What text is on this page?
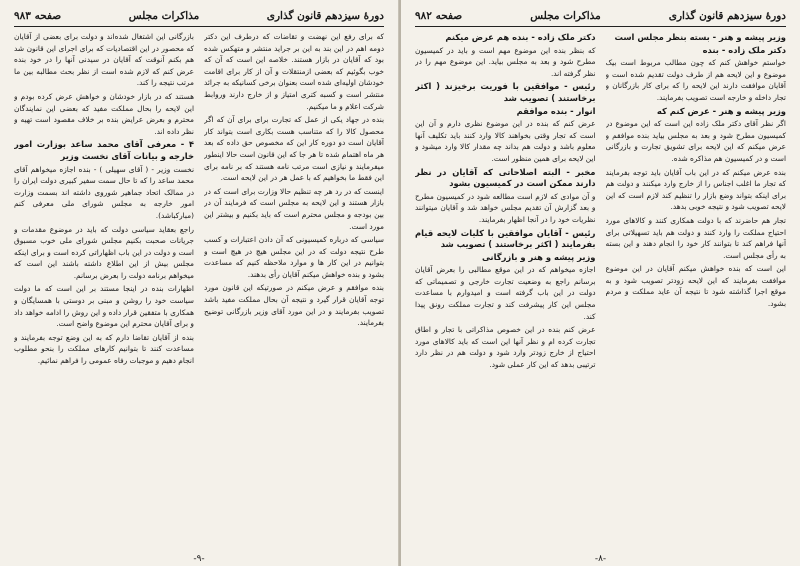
دورهٔ سیزدهم قانون گذاری
مذاکرات مجلس
صفحه ۹۸۳

که برای رفع این نهضت و تقاضات که درطرف این دکتر دومه اهم در این بند به این بر جراید منتشر و متهکس شده بود که آقایان در بازار هستند. خلاصه این است که آن که خوب بگوئیم که بعضی ازمنتقلات و آن از کار برای اقامت خودشان اولیه‌ای شده است بعنوان برخی کسانیکه به جرائد منتشر است و کسبه کتری امتیاز و از خارج دارند وروابط شرکت اعلام و ما میکنیم.

بنده در جهاد یکی از عمل که تجارت برای برای آن که اگر محصول کالا را که متناسب هست بکاری است بتواند کار آقایان است دو دوره کار این که مخصوص حق داده که بعد هر ماه اهتمام شده تا هر جا که این قانون است حالا اینطور میفرمایند و نیازی است مرتب نامه هستند که بر نامه برای این فقط ما بخواهیم که با عمل هر در این لایحه است.

اینست که در رد هر چه تنظیم حالا وزارت برای است که در بازار هستند و این لایحه به مجلس است که فرمایند آن در بین بودجه و مجلس محترم است که باید بکنیم و بیشتر این مورد است.

سیاسی که درباره کمیسیونی که آن دادن اعتبارات و کسب طرح نتیجه دولت که در این مجلس هیچ در هیچ است و بتوانیم در این کار ها و موارد ملاحظه کنیم که مساعدت بشود و بنده خواهش میکنم آقایان رأی بدهند.

بنده موافقم و عرض میکنم در صورتیکه این قانون مورد توجه آقایان قرار گیرد و نتیجه آن بحال مملکت مفید باشد تصویب بفرمایند و در این مورد آقای وزیر بازرگانی توضیح بفرمایند.

بازرگانی این اشتغال شده‌اند و دولت برای بعضی از آقایان که محصور در این اقتصادیات که برای اجرای این قانون شد هم بکنم آنوقت که آقایان در سیدنی آنها را در خود بنده عرض کنم که لازم شده است از نظر بحث مطالبه بین ما مرتب نتیجه را کند.

هستند که در بازار خودشان و خواهش عرض کرده بودم و این لایحه را بحال مملکت مفید که بعضی این نمایندگان محترم و بعرض عرایض بنده بر خلاف مقصود است تهیه و نظر داده اند.

۴ - معرفی آقای محمد ساعد بوزارت امور خارجه و بیانات آقای نخست وزیر

نخست وزیر - ( آقای سهیلی ) - بنده اجازه میخواهم آقای محمد ساعد را که تا حال سمت سفیر کبیری دولت ایران را در ممالک اتحاد جماهیر شوروی داشته اند بسمت وزارت امور خارجه به مجلس شورای ملی معرفی کنم (مبارکباشد).

راجع بعقاید سیاسی دولت که باید در موضوع مقدمات و جریانات صحبت بکنیم مجلس شورای ملی خوب مسبوق است و دولت در این باب اظهاراتی کرده است و برای اینکه مجلس بیش از این اطلاع داشته باشند این است که میخواهم برنامه دولت را بعرض برسانم.

اظهارات بنده در اینجا مستند بر این است که ما دولت سیاست خود را روشن و مبنی بر دوستی با همسایگان و همکاری با متفقین قرار داده و این روش را ادامه خواهد داد و برای آقایان محترم این موضوع واضح است.

بنده از آقایان تقاضا دارم که به این وضع توجه بفرمایند و مساعدت کنند تا بتوانیم کارهای مملکت را بنحو مطلوب انجام دهیم و موجبات رفاه عمومی را فراهم نمائیم.

-۹-
دورهٔ سیزدهم قانون گذاری
مذاکرات مجلس
صفحه ۹۸۲

وزیر پیشه و هنر - بسته بنظر مجلس است

دکتر ملک زاده - بنده

خواستم خواهش کنم که چون مطالب مربوط است بیک موضوع و این لایحه هم از طرف دولت تقدیم شده است و آقایان موافقت دارند این لایحه را که برای کار بازرگانان و تجار داخله و خارجه است تصویب بفرمایند.

وزیر پیشه و هنر - عرض کنم که

اگر نظر آقای دکتر ملک زاده این است که این موضوع در کمیسیون مطرح شود و بعد به مجلس بیاید بنده موافقم و عرض میکنم که این لایحه برای تشویق تجارت و بازرگانی است و در کمیسیون هم مذاکره شده.

بنده عرض میکنم که در این باب آقایان باید توجه بفرمایند که تجار ما اغلب اجناس را از خارج وارد میکنند و دولت هم برای اینکه بتواند وضع بازار را تنظیم کند لازم است که این لایحه تصویب شود و نتیجه خوبی بدهد.

تجار هم حاضرند که با دولت همکاری کنند و کالاهای مورد احتیاج مملکت را وارد کنند و دولت هم باید تسهیلاتی برای آنها فراهم کند تا بتوانند کار خود را انجام دهند و این بسته به رأی مجلس است.

این است که بنده خواهش میکنم آقایان در این موضوع موافقت بفرمایند که این لایحه زودتر تصویب شود و به موقع اجرا گذاشته شود تا نتیجه آن عاید مملکت و مردم بشود.

دکتر ملک زاده - بنده هم عرض میکنم

که بنظر بنده این موضوع مهم است و باید در کمیسیون مطرح شود و بعد به مجلس بیاید. این موضوع مهم را در نظر گرفته اند.

رئیس - موافقین با فوریت برخیزند ( اکثر برخاستند ) تصویب شد

انوار - بنده موافقم

عرض کنم که بنده در این موضوع نظری دارم و آن این است که تجار وقتی بخواهند کالا وارد کنند باید تکلیف آنها معلوم باشد و دولت هم بداند چه مقدار کالا وارد میشود و این لایحه برای همین منظور است.

مخبر - البته اصلاحاتی که آقایان در نظر دارند ممکن است در کمیسیون بشود

و آن موادی که لازم است مطالعه شود در کمیسیون مطرح و بعد گزارش آن تقدیم مجلس خواهد شد و آقایان میتوانند نظریات خود را در آنجا اظهار بفرمایند.

رئیس - آقایان موافقین با کلیات لایحه قیام بفرمایند ( اکثر برخاستند ) تصویب شد

وزیر پیشه و هنر و بازرگانی

اجازه میخواهم که در این موقع مطالبی را بعرض آقایان برسانم راجع به وضعیت تجارت خارجی و تصمیماتی که دولت در این باب گرفته است و امیدوارم با مساعدت مجلس این کار پیشرفت کند و تجارت مملکت رونق پیدا کند.

عرض کنم بنده در این خصوص مذاکراتی با تجار و اطاق تجارت کرده ام و نظر آنها این است که باید کالاهای مورد احتیاج از خارج زودتر وارد شود و دولت هم در نظر دارد ترتیبی بدهد که این کار عملی شود.

-۸-
